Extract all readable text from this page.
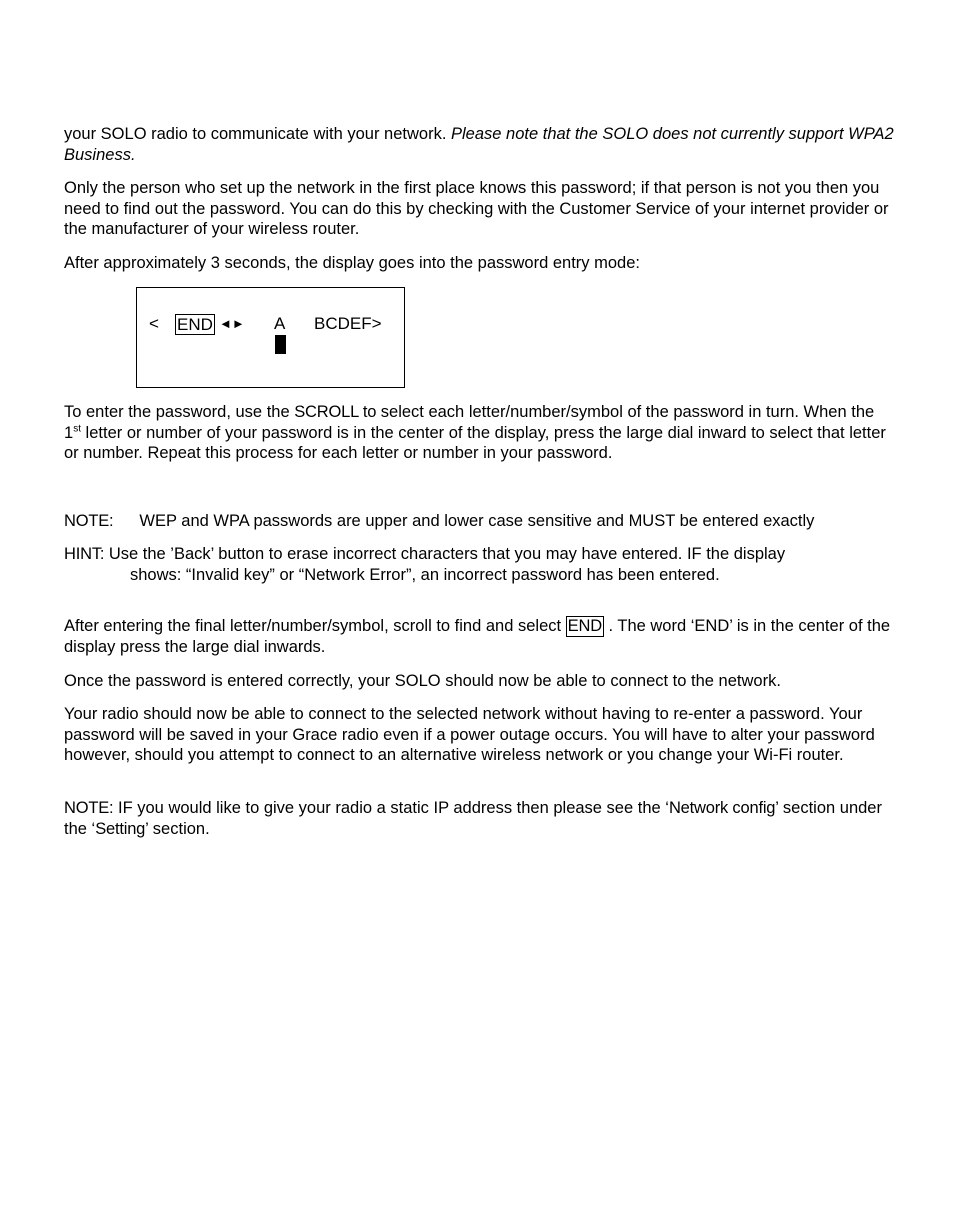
your SOLO radio to communicate with your network. Please note that the SOLO does not currently support WPA2 Business.

Only the person who set up the network in the first place knows this password; if that person is not you then you need to find out the password. You can do this by checking with the Customer Service of your internet provider or the manufacturer of your wireless router.

After approximately 3 seconds, the display goes into the password entry mode:

< END ◄► A BCDEF>

To enter the password, use the SCROLL to select each letter/number/symbol of the password in turn. When the 1st letter or number of your password is in the center of the display, press the large dial inward to select that letter or number. Repeat this process for each letter or number in your password.

NOTE: WEP and WPA passwords are upper and lower case sensitive and MUST be entered exactly

HINT: Use the ’Back’ button to erase incorrect characters that you may have entered. IF the display
shows: “Invalid key” or “Network Error”, an incorrect password has been entered.

After entering the final letter/number/symbol, scroll to find and select END . The word ‘END’ is in the center of the display press the large dial inwards.

Once the password is entered correctly, your SOLO should now be able to connect to the network.

Your radio should now be able to connect to the selected network without having to re-enter a password. Your password will be saved in your Grace radio even if a power outage occurs. You will have to alter your password however, should you attempt to connect to an alternative wireless network or you change your Wi-Fi router.

NOTE: IF you would like to give your radio a static IP address then please see the ‘Network config’ section under the ‘Setting’ section.
